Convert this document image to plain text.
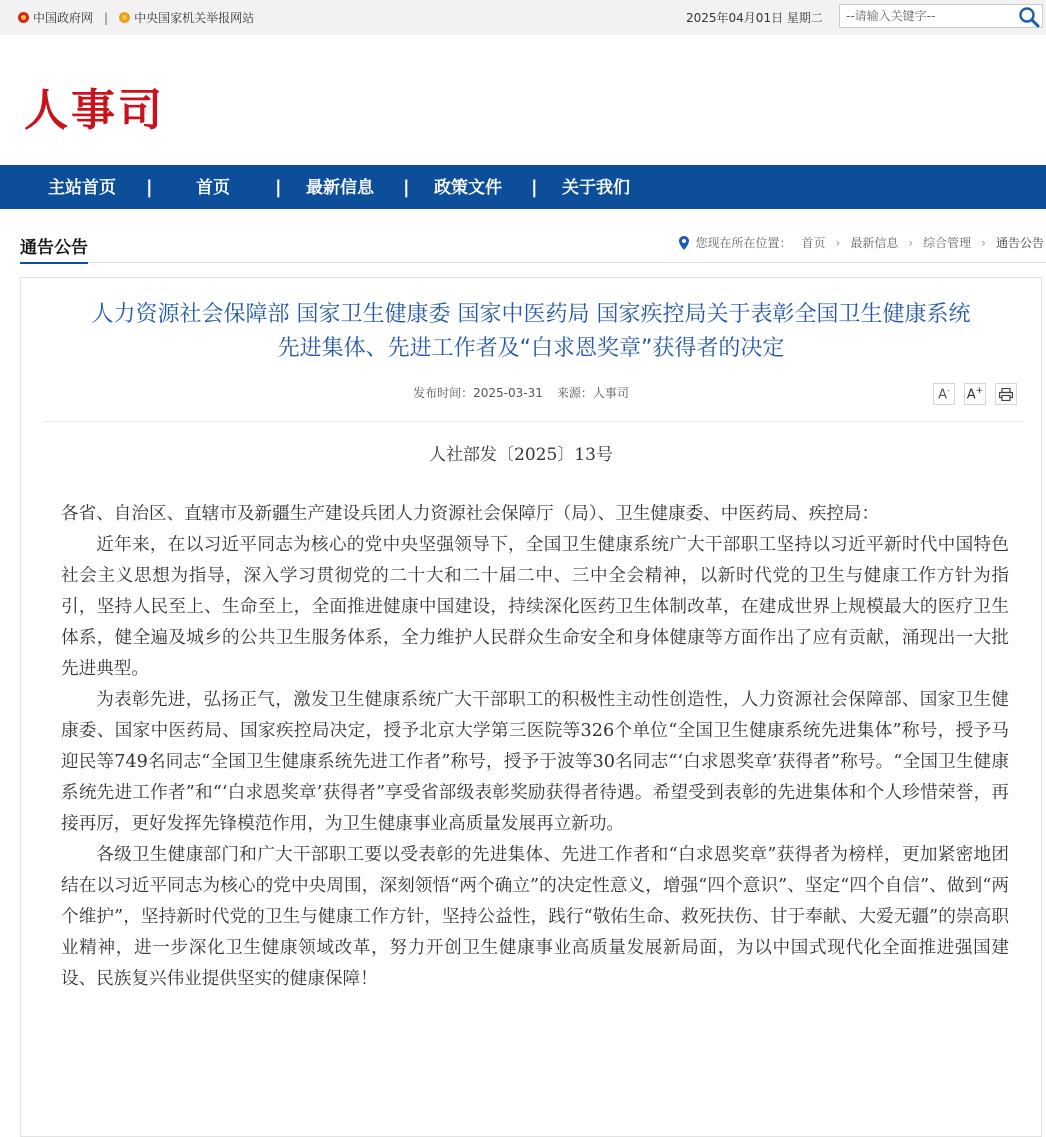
中国政府网 | 中央国家机关举报网站	2025年04月01日 星期二
--请输入关键字--
人事司
主站首页 |	首页	| 最新信息 | 政策文件 | 关于我们
通告公告	您现在所在位置： 首页 › 最新信息 › 综合管理 › 通告公告
人力资源社会保障部 国家卫生健康委 国家中医药局 国家疾控局关于表彰全国卫生健康系统
先进集体、先进工作者及“白求恩奖章”获得者的决定
发布时间：2025-03-31 来源：人事司	A- A+
人社部发〔2025〕13号

各省、自治区、直辖市及新疆生产建设兵团人力资源社会保障厅（局）、卫生健康委、中医药局、疾控局：

近年来，在以习近平同志为核心的党中央坚强领导下，全国卫生健康系统广大干部职工坚持以习近平新时代中国特色社会主义思想为指导，深入学习贯彻党的二十大和二十届二中、三中全会精神，以新时代党的卫生与健康工作方针为指引，坚持人民至上、生命至上，全面推进健康中国建设，持续深化医药卫生体制改革，在建成世界上规模最大的医疗卫生体系，健全遍及城乡的公共卫生服务体系，全力维护人民群众生命安全和身体健康等方面作出了应有贡献，涌现出一大批先进典型。

为表彰先进，弘扬正气，激发卫生健康系统广大干部职工的积极性主动性创造性，人力资源社会保障部、国家卫生健康委、国家中医药局、国家疾控局决定，授予北京大学第三医院等326个单位“全国卫生健康系统先进集体”称号，授予马迎民等749名同志“全国卫生健康系统先进工作者”称号，授予于波等30名同志“‘白求恩奖章’获得者”称号。“全国卫生健康系统先进工作者”和“‘白求恩奖章’获得者”享受省部级表彰奖励获得者待遇。希望受到表彰的先进集体和个人珍惜荣誉，再接再厉，更好发挥先锋模范作用，为卫生健康事业高质量发展再立新功。

各级卫生健康部门和广大干部职工要以受表彰的先进集体、先进工作者和“白求恩奖章”获得者为榜样，更加紧密地团结在以习近平同志为核心的党中央周围，深刻领悟“两个确立”的决定性意义，增强“四个意识”、坚定“四个自信”、做到“两个维护”，坚持新时代党的卫生与健康工作方针，坚持公益性，践行“敬佑生命、救死扶伤、甘于奉献、大爱无疆”的崇高职业精神，进一步深化卫生健康领域改革，努力开创卫生健康事业高质量发展新局面，为以中国式现代化全面推进强国建设、民族复兴伟业提供坚实的健康保障！
